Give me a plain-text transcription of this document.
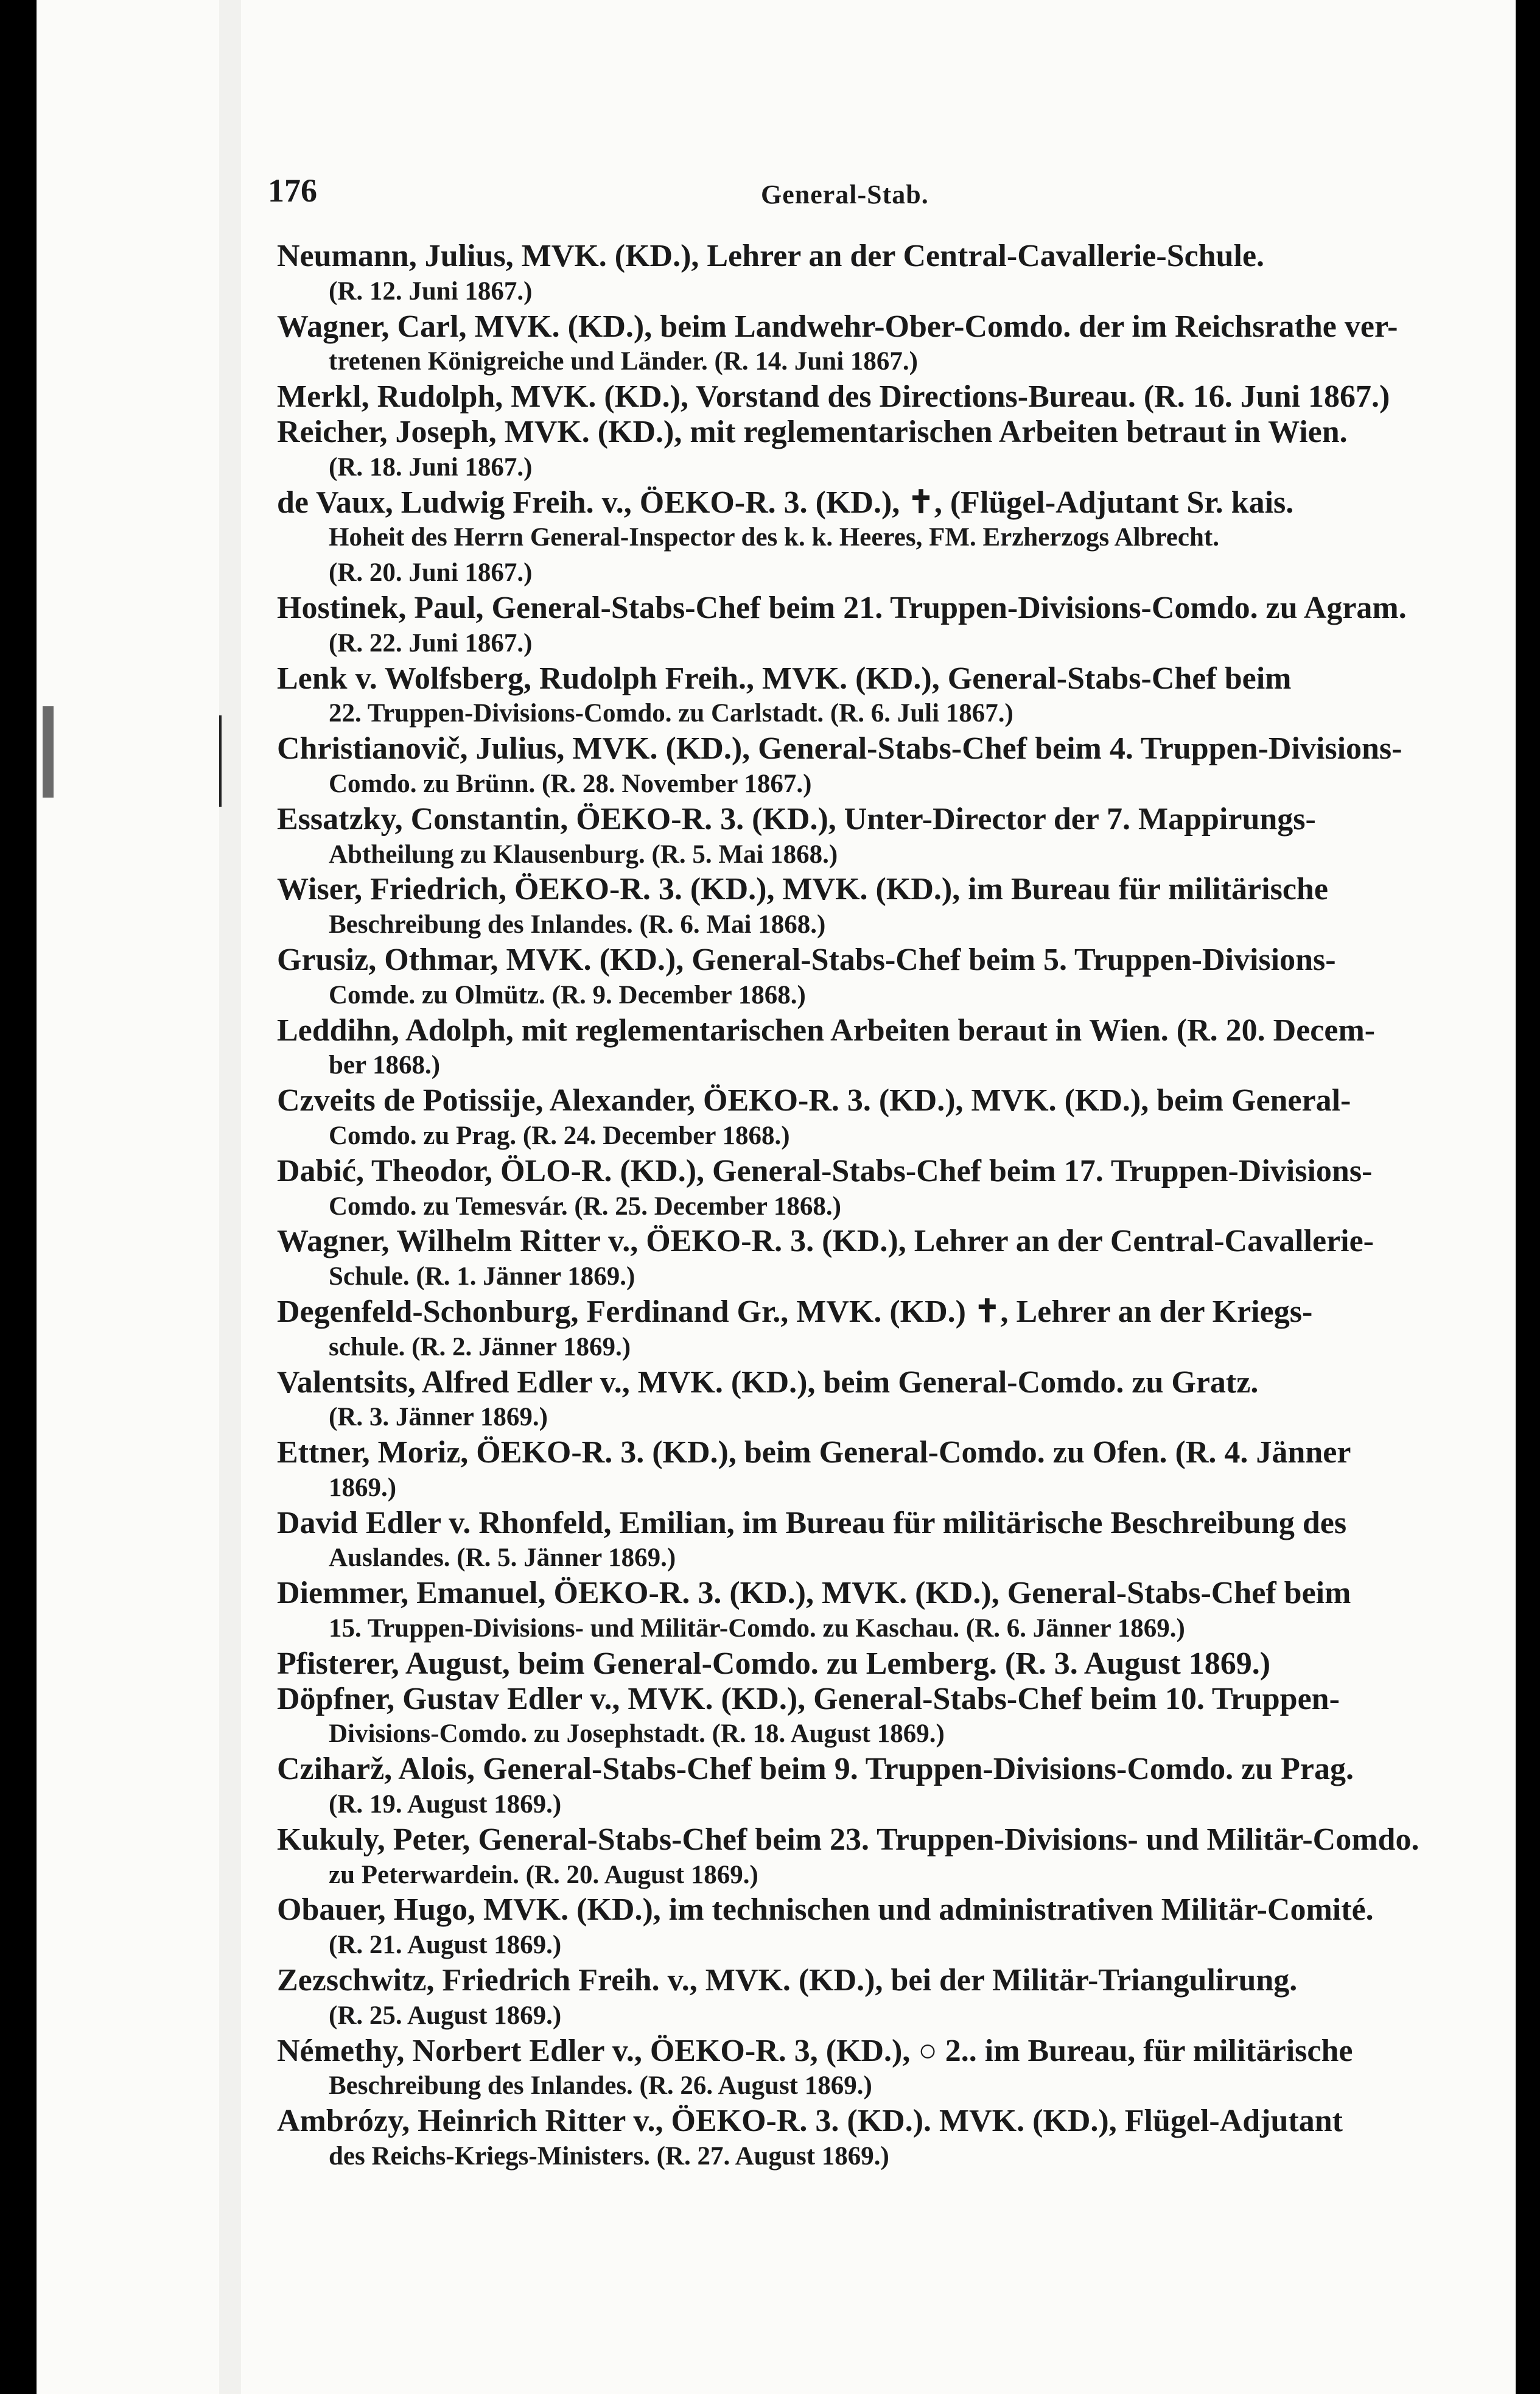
176	General-Stab.
Neumann, Julius, MVK. (KD.), Lehrer an der Central-Cavallerie-Schule.
(R. 12. Juni 1867.)
Wagner, Carl, MVK. (KD.), beim Landwehr-Ober-Comdo. der im Reichsrathe ver-
tretenen Königreiche und Länder. (R. 14. Juni 1867.)
Merkl, Rudolph, MVK. (KD.), Vorstand des Directions-Bureau. (R. 16. Juni 1867.)
Reicher, Joseph, MVK. (KD.), mit reglementarischen Arbeiten betraut in Wien.
(R. 18. Juni 1867.)
de Vaux, Ludwig Freih. v., ÖEKO-R. 3. (KD.), ✝, (Flügel-Adjutant Sr. kais.
Hoheit des Herrn General-Inspector des k. k. Heeres, FM. Erzherzogs Albrecht.
(R. 20. Juni 1867.)
Hostinek, Paul, General-Stabs-Chef beim 21. Truppen-Divisions-Comdo. zu Agram.
(R. 22. Juni 1867.)
Lenk v. Wolfsberg, Rudolph Freih., MVK. (KD.), General-Stabs-Chef beim
22. Truppen-Divisions-Comdo. zu Carlstadt. (R. 6. Juli 1867.)
Christianovič, Julius, MVK. (KD.), General-Stabs-Chef beim 4. Truppen-Divisions-
Comdo. zu Brünn. (R. 28. November 1867.)
Essatzky, Constantin, ÖEKO-R. 3. (KD.), Unter-Director der 7. Mappirungs-
Abtheilung zu Klausenburg. (R. 5. Mai 1868.)
Wiser, Friedrich, ÖEKO-R. 3. (KD.), MVK. (KD.), im Bureau für militärische
Beschreibung des Inlandes. (R. 6. Mai 1868.)
Grusiz, Othmar, MVK. (KD.), General-Stabs-Chef beim 5. Truppen-Divisions-
Comde. zu Olmütz. (R. 9. December 1868.)
Leddihn, Adolph, mit reglementarischen Arbeiten beraut in Wien. (R. 20. Decem-
ber 1868.)
Czveits de Potissije, Alexander, ÖEKO-R. 3. (KD.), MVK. (KD.), beim General-
Comdo. zu Prag. (R. 24. December 1868.)
Dabić, Theodor, ÖLO-R. (KD.), General-Stabs-Chef beim 17. Truppen-Divisions-
Comdo. zu Temesvár. (R. 25. December 1868.)
Wagner, Wilhelm Ritter v., ÖEKO-R. 3. (KD.), Lehrer an der Central-Cavallerie-
Schule. (R. 1. Jänner 1869.)
Degenfeld-Schonburg, Ferdinand Gr., MVK. (KD.) ✝, Lehrer an der Kriegs-
schule. (R. 2. Jänner 1869.)
Valentsits, Alfred Edler v., MVK. (KD.), beim General-Comdo. zu Gratz.
(R. 3. Jänner 1869.)
Ettner, Moriz, ÖEKO-R. 3. (KD.), beim General-Comdo. zu Ofen. (R. 4. Jänner
1869.)
David Edler v. Rhonfeld, Emilian, im Bureau für militärische Beschreibung des
Auslandes. (R. 5. Jänner 1869.)
Diemmer, Emanuel, ÖEKO-R. 3. (KD.), MVK. (KD.), General-Stabs-Chef beim
15. Truppen-Divisions- und Militär-Comdo. zu Kaschau. (R. 6. Jänner 1869.)
Pfisterer, August, beim General-Comdo. zu Lemberg. (R. 3. August 1869.)
Döpfner, Gustav Edler v., MVK. (KD.), General-Stabs-Chef beim 10. Truppen-
Divisions-Comdo. zu Josephstadt. (R. 18. August 1869.)
Cziharž, Alois, General-Stabs-Chef beim 9. Truppen-Divisions-Comdo. zu Prag.
(R. 19. August 1869.)
Kukuly, Peter, General-Stabs-Chef beim 23. Truppen-Divisions- und Militär-Comdo.
zu Peterwardein. (R. 20. August 1869.)
Obauer, Hugo, MVK. (KD.), im technischen und administrativen Militär-Comité.
(R. 21. August 1869.)
Zezschwitz, Friedrich Freih. v., MVK. (KD.), bei der Militär-Triangulirung.
(R. 25. August 1869.)
Némethy, Norbert Edler v., ÖEKO-R. 3, (KD.), ○ 2.. im Bureau, für militärische
Beschreibung des Inlandes. (R. 26. August 1869.)
Ambrózy, Heinrich Ritter v., ÖEKO-R. 3. (KD.). MVK. (KD.), Flügel-Adjutant
des Reichs-Kriegs-Ministers. (R. 27. August 1869.)
